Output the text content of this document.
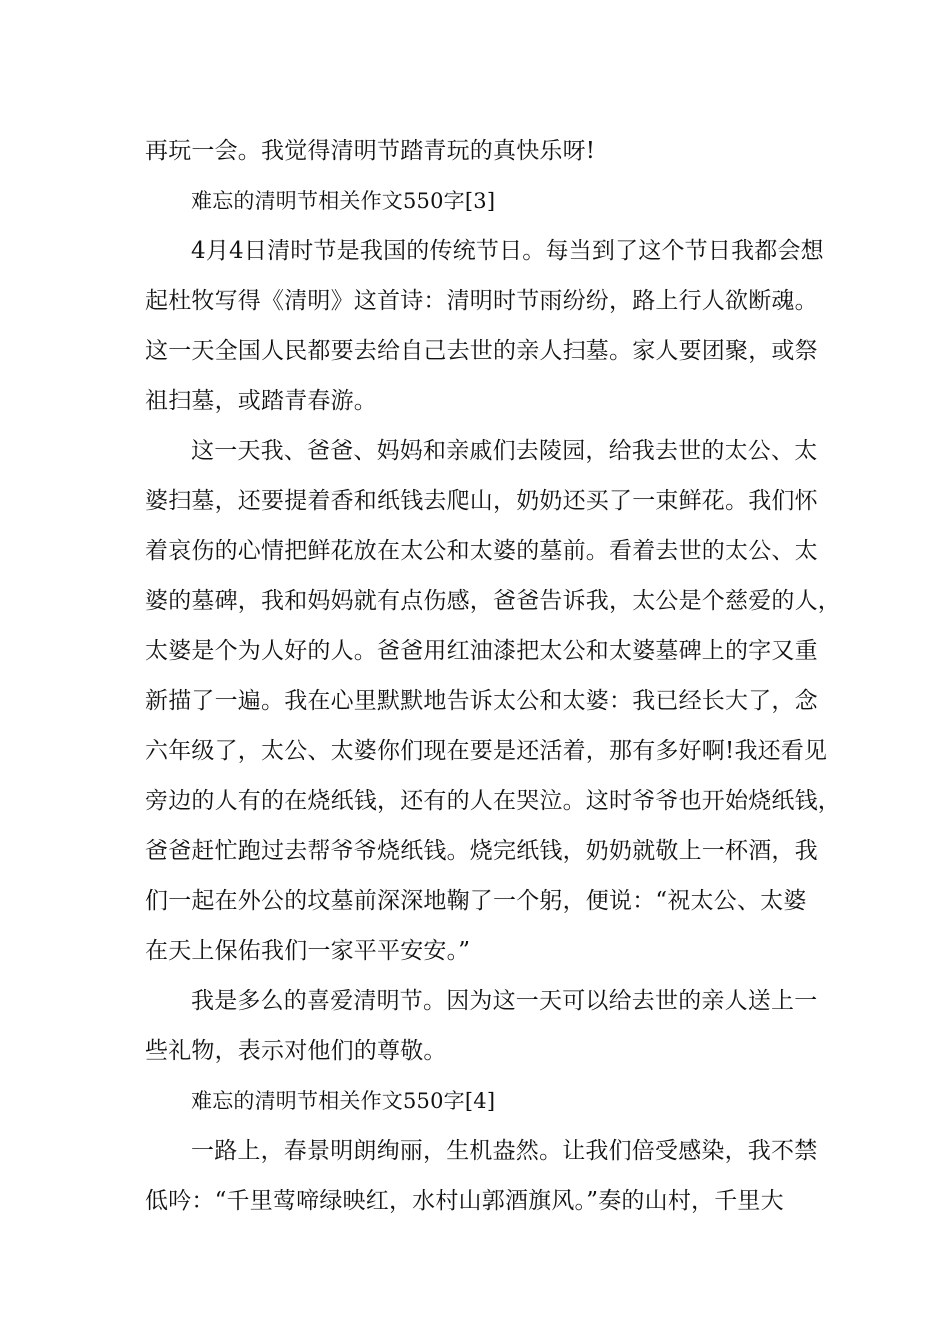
再玩一会。我觉得清明节踏青玩的真快乐呀!
难忘的清明节相关作文550字[3]
4月4日清时节是我国的传统节日。每当到了这个节日我都会想
起杜牧写得《清明》这首诗：清明时节雨纷纷，路上行人欲断魂。
这一天全国人民都要去给自己去世的亲人扫墓。家人要团聚，或祭
祖扫墓，或踏青春游。
这一天我、爸爸、妈妈和亲戚们去陵园，给我去世的太公、太
婆扫墓，还要提着香和纸钱去爬山，奶奶还买了一束鲜花。我们怀
着哀伤的心情把鲜花放在太公和太婆的墓前。看着去世的太公、太
婆的墓碑，我和妈妈就有点伤感，爸爸告诉我，太公是个慈爱的人，
太婆是个为人好的人。爸爸用红油漆把太公和太婆墓碑上的字又重
新描了一遍。我在心里默默地告诉太公和太婆：我已经长大了，念
六年级了，太公、太婆你们现在要是还活着，那有多好啊!我还看见
旁边的人有的在烧纸钱，还有的人在哭泣。这时爷爷也开始烧纸钱，
爸爸赶忙跑过去帮爷爷烧纸钱。烧完纸钱，奶奶就敬上一杯酒，我
们一起在外公的坟墓前深深地鞠了一个躬，便说：“祝太公、太婆
在天上保佑我们一家平平安安。”
我是多么的喜爱清明节。因为这一天可以给去世的亲人送上一
些礼物，表示对他们的尊敬。
难忘的清明节相关作文550字[4]
一路上，春景明朗绚丽，生机盎然。让我们倍受感染，我不禁
低吟：“千里莺啼绿映红，水村山郭酒旗风。”奏的山村，千里大
